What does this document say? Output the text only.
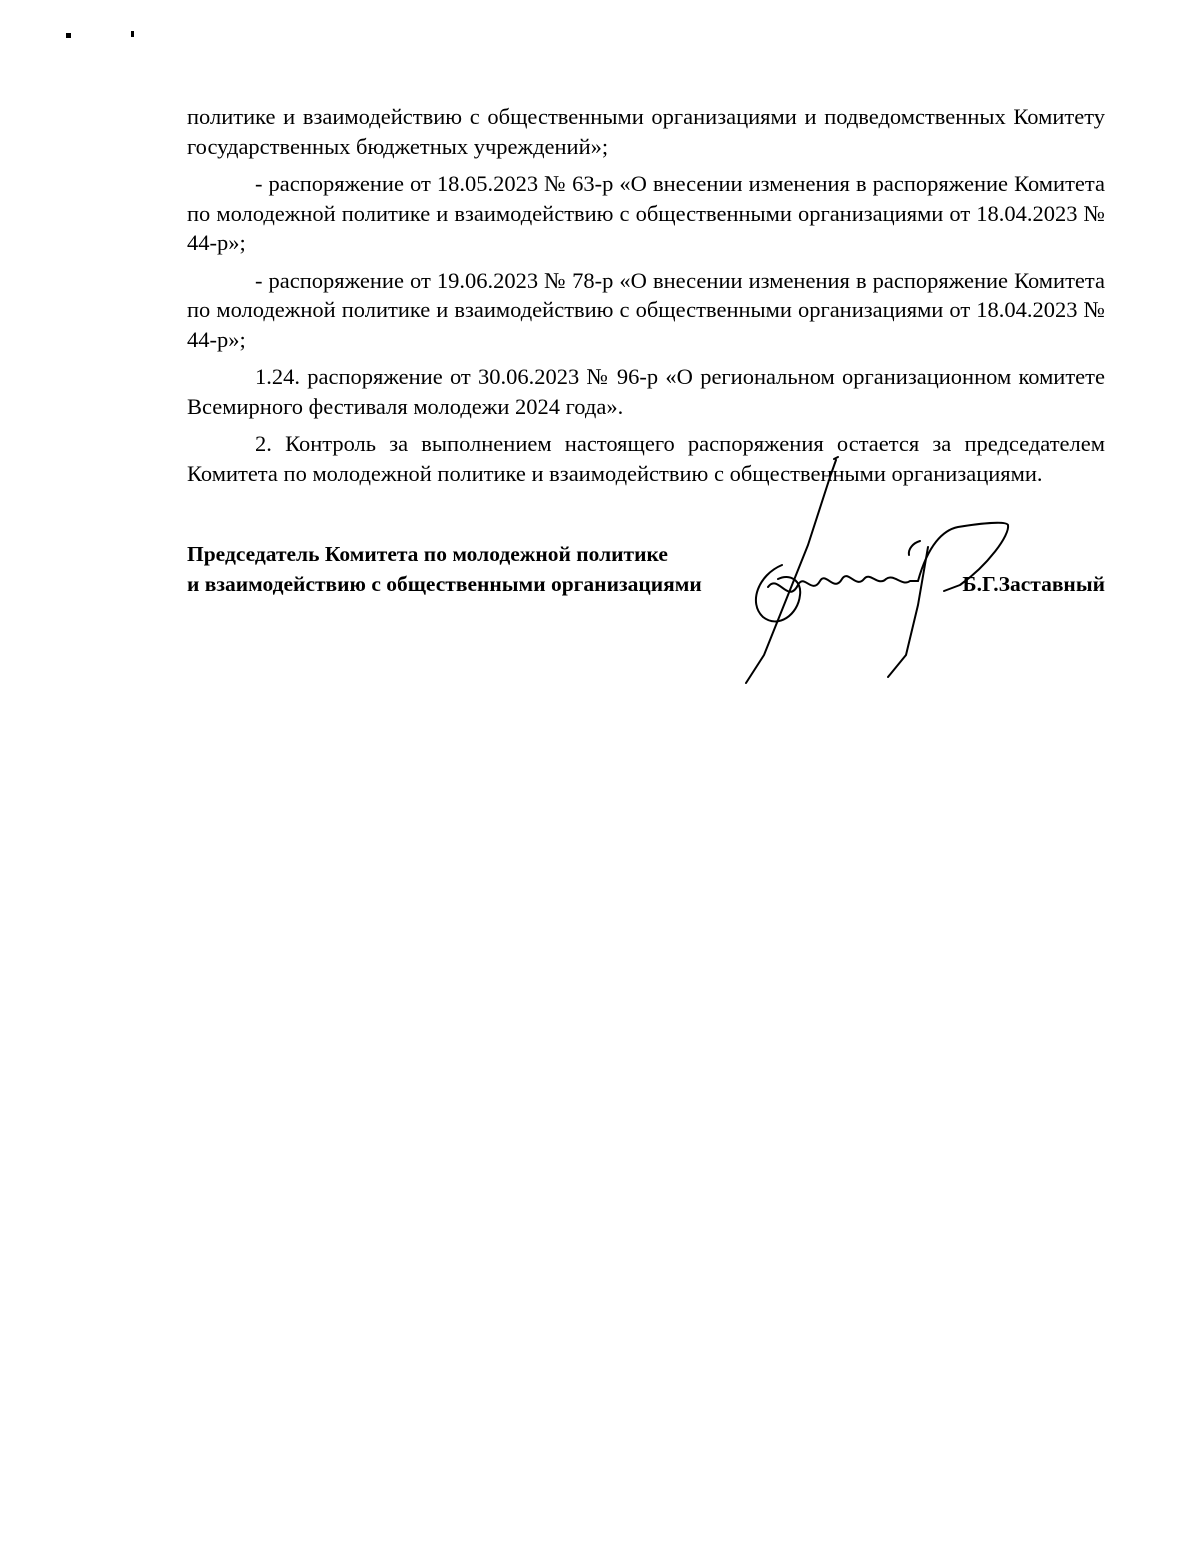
политике и взаимодействию с общественными организациями и подведомственных Комитету государственных бюджетных учреждений»;

- распоряжение от 18.05.2023 № 63-р «О внесении изменения в распоряжение Комитета по молодежной политике и взаимодействию с общественными организациями от 18.04.2023 № 44-р»;

- распоряжение от 19.06.2023 № 78-р «О внесении изменения в распоряжение Комитета по молодежной политике и взаимодействию с общественными организациями от 18.04.2023 № 44-р»;

1.24. распоряжение от 30.06.2023 № 96-р «О региональном организационном комитете Всемирного фестиваля молодежи 2024 года».

2. Контроль за выполнением настоящего распоряжения остается за председателем Комитета по молодежной политике и взаимодействию с общественными организациями.

Председатель Комитета по молодежной политике
и взаимодействию с общественными организациями	Б.Г.Заставный
